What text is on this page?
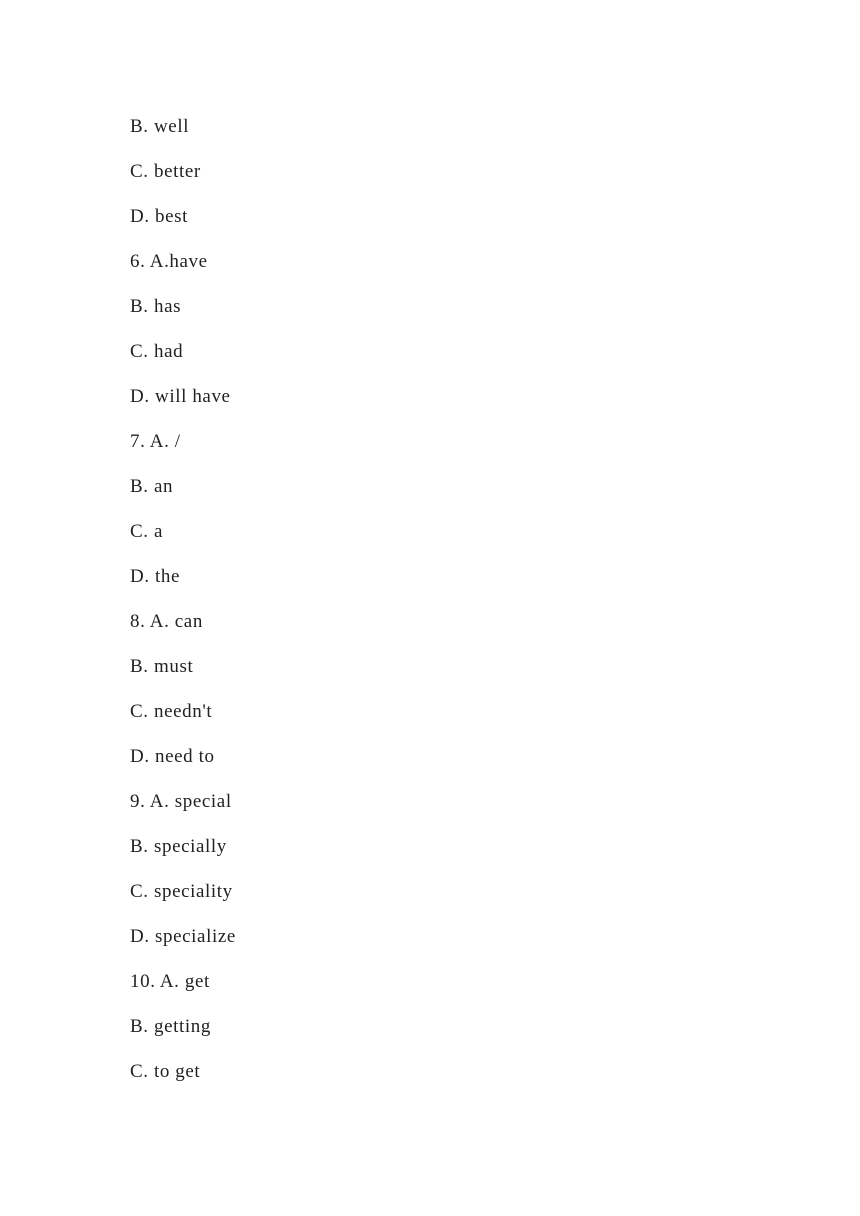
B. well
C. better
D. best
6. A.have
B. has
C. had
D. will have
7. A. /
B. an
C. a
D. the
8. A. can
B. must
C. needn't
D. need to
9. A. special
B. specially
C. speciality
D. specialize
10. A. get
B. getting
C. to get
